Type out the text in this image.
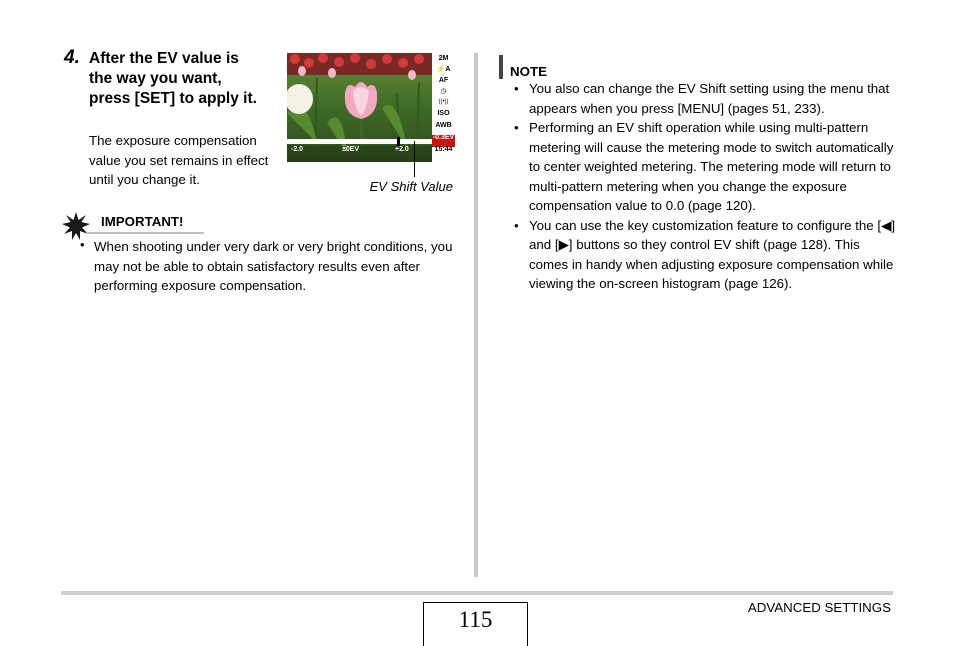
4. After the EV value is the way you want, press [SET] to apply it.
The exposure compensation value you set remains in effect until you change it.
2M
⚡A
AF
◷
((•))
ISO
AWB
-0.3EV
15:44
-2.0	±0EV	+2.0
EV Shift Value
IMPORTANT!
• When shooting under very dark or very bright conditions, you may not be able to obtain satisfactory results even after performing exposure compensation.
NOTE
• You also can change the EV Shift setting using the menu that appears when you press [MENU] (pages 51, 233).
• Performing an EV shift operation while using multi-pattern metering will cause the metering mode to switch automatically to center weighted metering. The metering mode will return to multi-pattern metering when you change the exposure compensation value to 0.0 (page 120).
• You can use the key customization feature to configure the [◀] and [▶] buttons so they control EV shift (page 128). This comes in handy when adjusting exposure compensation while viewing the on-screen histogram (page 126).
115	ADVANCED SETTINGS
